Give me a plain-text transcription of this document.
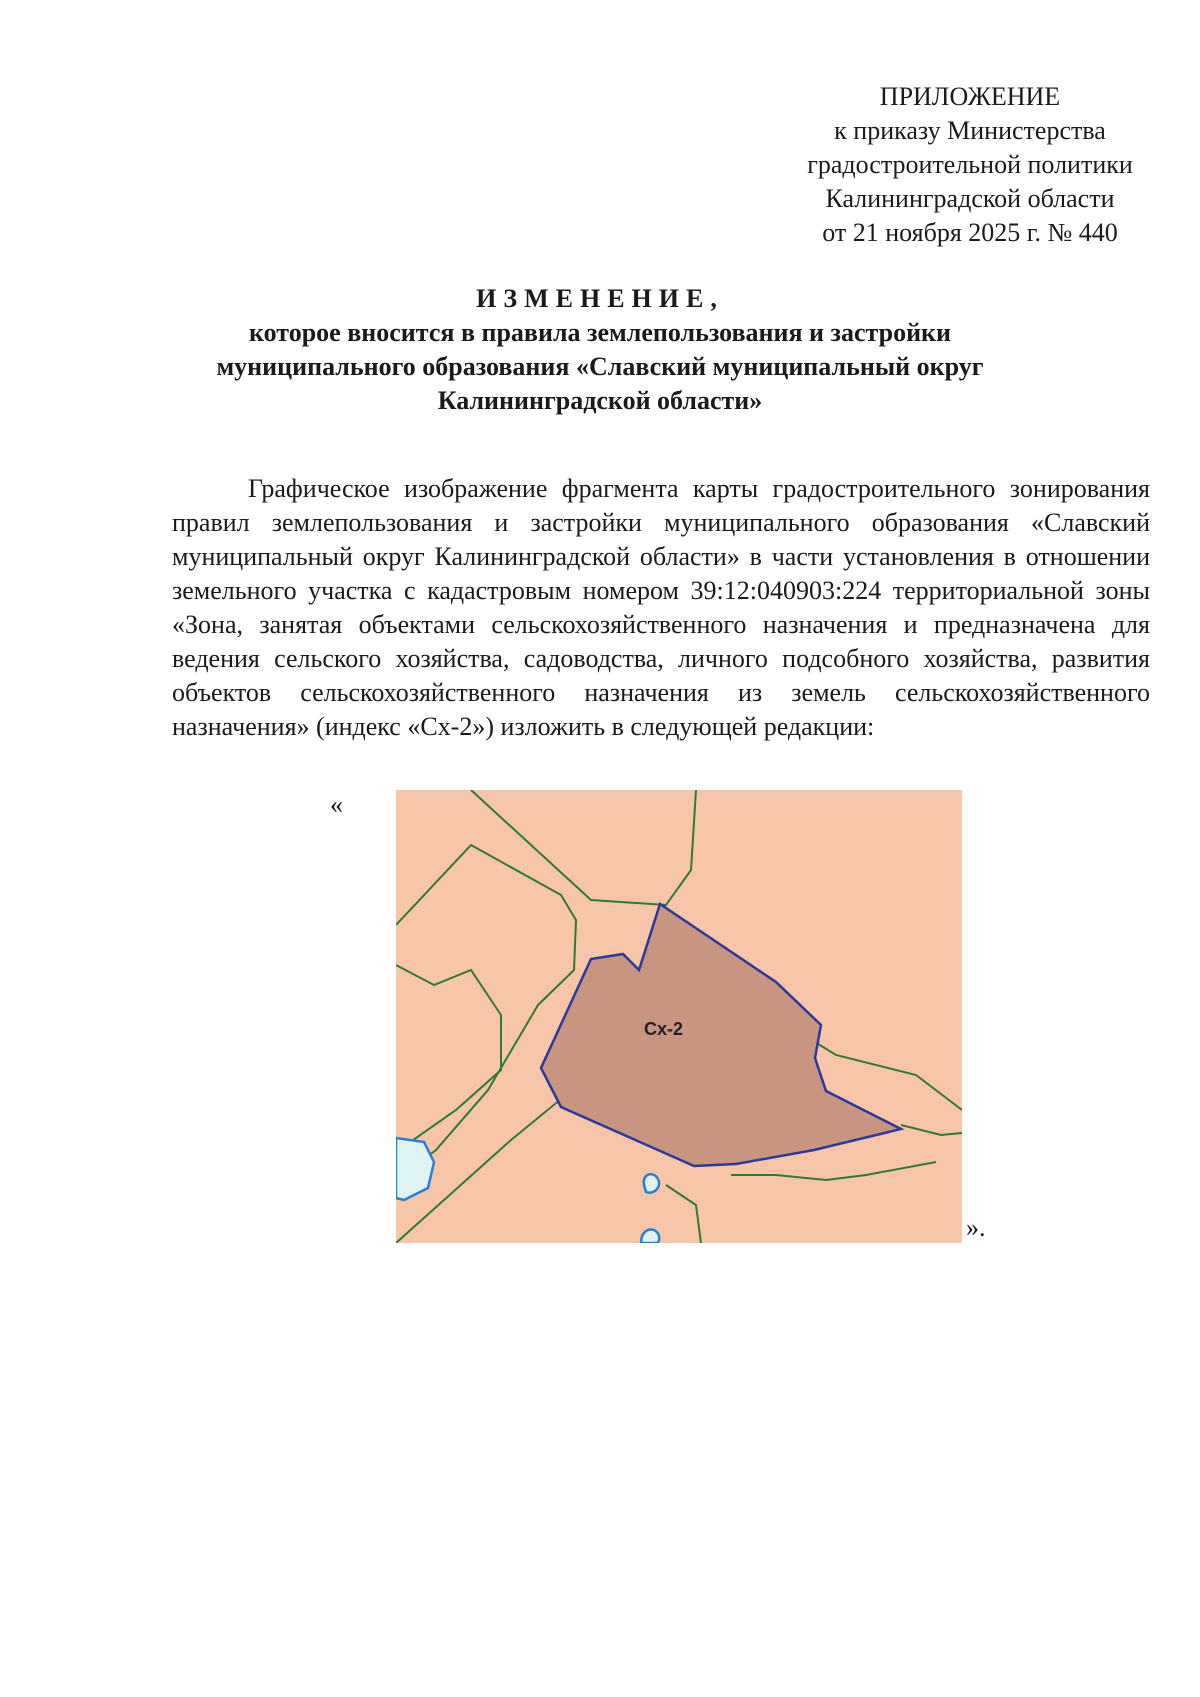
ПРИЛОЖЕНИЕ
к приказу Министерства
градостроительной политики
Калининградской области
от 21 ноября 2025 г. № 440
ИЗМЕНЕНИЕ,
которое вносится в правила землепользования и застройки
муниципального образования «Славский муниципальный округ
Калининградской области»

Графическое изображение фрагмента карты градостроительного зонирования правил землепользования и застройки муниципального образования «Славский муниципальный округ Калининградской области» в части установления в отношении земельного участка с кадастровым номером 39:12:040903:224 территориальной зоны «Зона, занятая объектами сельскохозяйственного назначения и предназначена для ведения сельского хозяйства, садоводства, личного подсобного хозяйства, развития объектов сельскохозяйственного назначения из земель сельскохозяйственного назначения» (индекс «Сх-2») изложить в следующей редакции:

«
Сх-2
».
